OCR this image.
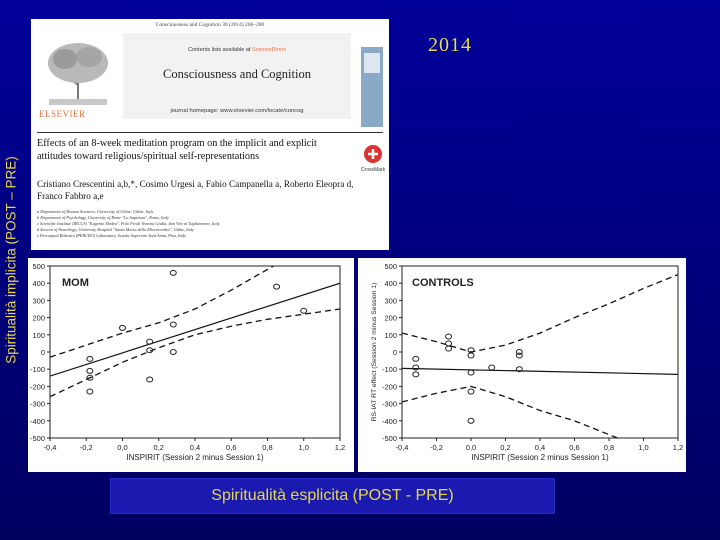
2014
Spiritualità implicita (POST – PRE)
Consciousness and Cognition 30 (2014) 266–280
ELSEVIER
Contents lists available at ScienceDirect
Consciousness and Cognition
journal homepage: www.elsevier.com/locate/concog
Effects of an 8-week meditation program on the implicit and explicit attitudes toward religious/spiritual self-representations
CrossMark
Cristiano Crescentini a,b,*, Cosimo Urgesi a, Fabio Campanella a, Roberto Eleopra d, Franco Fabbro a,e
a Department of Human Sciences, University of Udine, Udine, Italy
b Department of Psychology, University of Rome "La Sapienza", Rome, Italy
c Scientific Institute (IRCCS) "Eugenio Medea", Polo Friuli Venezia Giulia, San Vito al Tagliamento, Italy
d Section of Neurology, University Hospital "Santa Maria della Misericordia", Udine, Italy
e Perceptual Robotics (PERCRO) Laboratory, Scuola Superiore Sant'Anna, Pisa, Italy
500
400
300
200
100
0
-100
-200
-300
-400
-500
-0,4	-0,2	0,0	0,2	0,4	0,6	0,8	1,0	1,2
INSPIRIT (Session 2 minus Session 1)
MOM
500
400
300
200
100
0
-100
-200
-300
-400
-500
-0,4	-0,2	0,0	0,2	0,4	0,6	0,8	1,0	1,2
INSPIRIT (Session 2 minus Session 1)
RS-IAT RT effect (Session 2 minus Session 1)	CONTROLS
Spiritualità esplicita (POST - PRE)
